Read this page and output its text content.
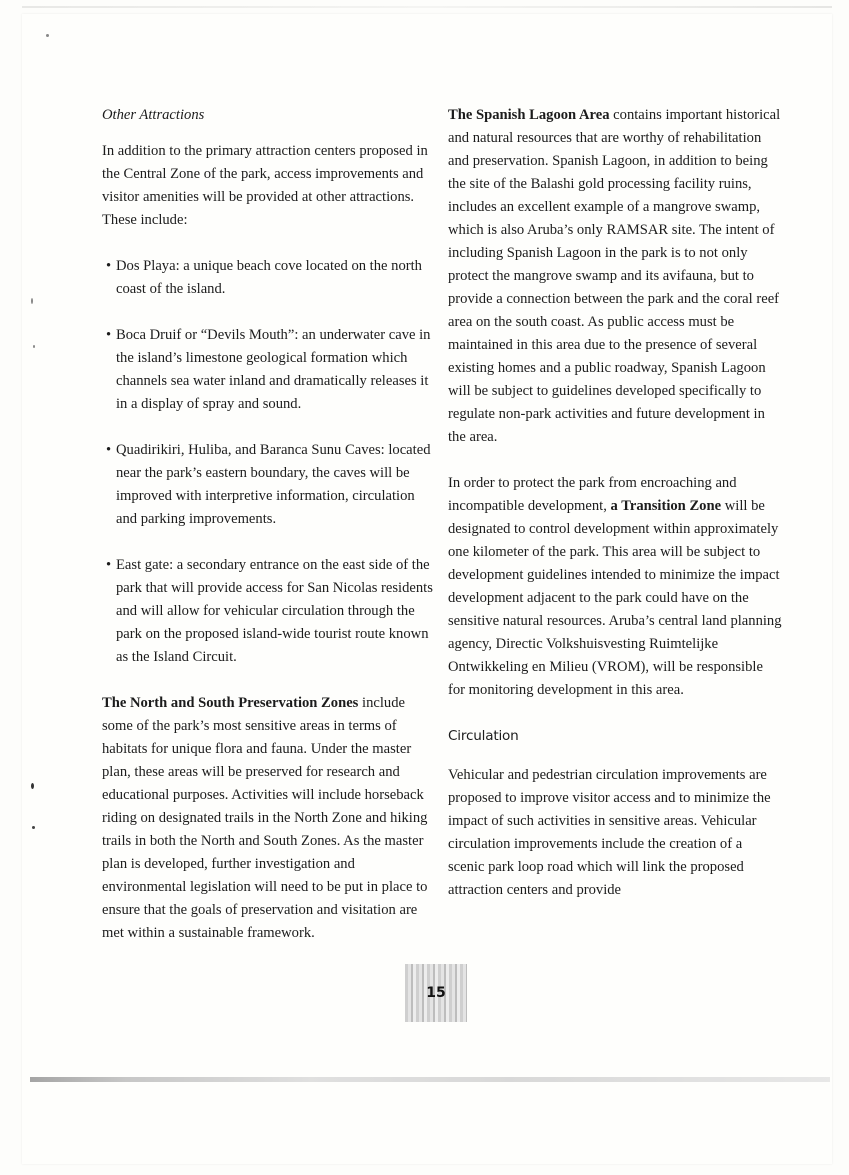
Other Attractions

In addition to the primary attraction centers proposed in the Central Zone of the park, access improvements and visitor amenities will be provided at other attractions. These include:

• Dos Playa: a unique beach cove located on the north coast of the island.

• Boca Druif or “Devils Mouth”: an underwater cave in the island’s limestone geological formation which channels sea water inland and dramatically releases it in a display of spray and sound.

• Quadirikiri, Huliba, and Baranca Sunu Caves: located near the park’s eastern boundary, the caves will be improved with interpretive information, circulation and parking improvements.

• East gate: a secondary entrance on the east side of the park that will provide access for San Nicolas residents and will allow for vehicular circulation through the park on the proposed island-wide tourist route known as the Island Circuit.

The North and South Preservation Zones include some of the park’s most sensitive areas in terms of habitats for unique flora and fauna. Under the master plan, these areas will be preserved for research and educational purposes. Activities will include horseback riding on designated trails in the North Zone and hiking trails in both the North and South Zones. As the master plan is developed, further investigation and environmental legislation will need to be put in place to ensure that the goals of preservation and visitation are met within a sustainable framework.

The Spanish Lagoon Area contains important historical and natural resources that are worthy of rehabilitation and preservation. Spanish Lagoon, in addition to being the site of the Balashi gold processing facility ruins, includes an excellent example of a mangrove swamp, which is also Aruba’s only RAMSAR site. The intent of including Spanish Lagoon in the park is to not only protect the mangrove swamp and its avifauna, but to provide a connection between the park and the coral reef area on the south coast. As public access must be maintained in this area due to the presence of several existing homes and a public roadway, Spanish Lagoon will be subject to guidelines developed specifically to regulate non-park activities and future development in the area.

In order to protect the park from encroaching and incompatible development, a Transition Zone will be designated to control development within approximately one kilometer of the park. This area will be subject to development guidelines intended to minimize the impact development adjacent to the park could have on the sensitive natural resources. Aruba’s central land planning agency, Directic Volkshuisvesting Ruimtelijke Ontwikkeling en Milieu (VROM), will be responsible for monitoring development in this area.

Circulation

Vehicular and pedestrian circulation improvements are proposed to improve visitor access and to minimize the impact of such activities in sensitive areas. Vehicular circulation improvements include the creation of a scenic park loop road which will link the proposed attraction centers and provide

15
